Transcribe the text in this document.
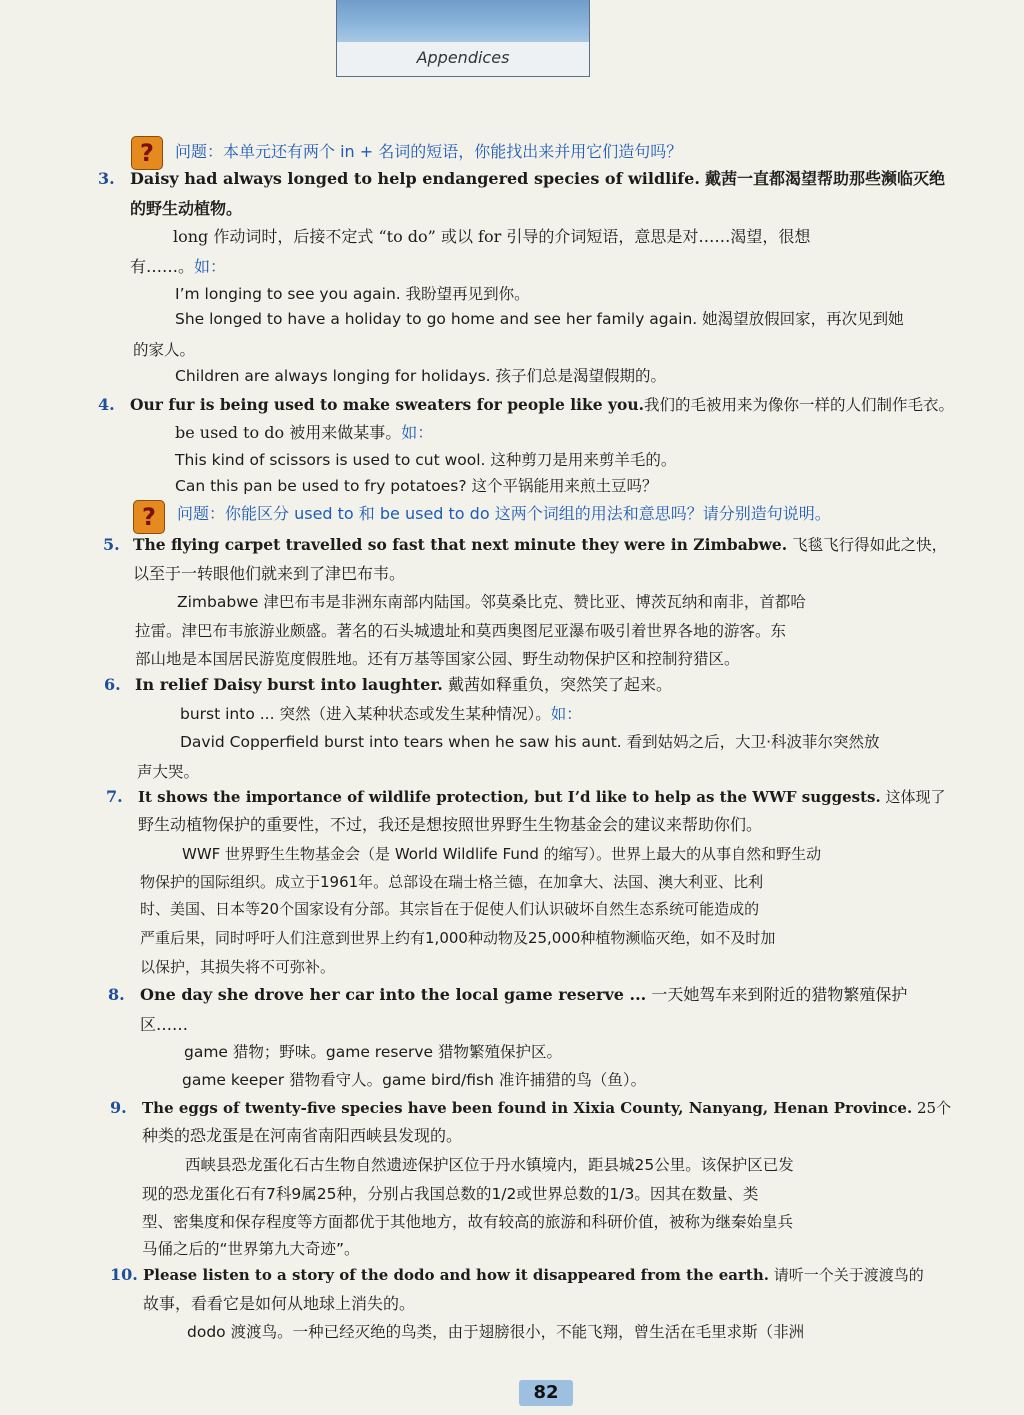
Appendices
?	问题：本单元还有两个 in + 名词的短语，你能找出来并用它们造句吗？
3. Daisy had always longed to help endangered species of wildlife. 戴茜一直都渴望帮助那些濒临灭绝
的野生动植物。
long 作动词时，后接不定式 “to do” 或以 for 引导的介词短语，意思是对……渴望，很想
有……。如：
I’m longing to see you again. 我盼望再见到你。
She longed to have a holiday to go home and see her family again. 她渴望放假回家，再次见到她
的家人。
Children are always longing for holidays. 孩子们总是渴望假期的。
4. Our fur is being used to make sweaters for people like you.我们的毛被用来为像你一样的人们制作毛衣。
be used to do 被用来做某事。如：
This kind of scissors is used to cut wool. 这种剪刀是用来剪羊毛的。
Can this pan be used to fry potatoes? 这个平锅能用来煎土豆吗？
?	问题：你能区分 used to 和 be used to do 这两个词组的用法和意思吗？请分别造句说明。
5. The flying carpet travelled so fast that next minute they were in Zimbabwe. 飞毯飞行得如此之快，
以至于一转眼他们就来到了津巴布韦。
Zimbabwe 津巴布韦是非洲东南部内陆国。邻莫桑比克、赞比亚、博茨瓦纳和南非，首都哈
拉雷。津巴布韦旅游业颇盛。著名的石头城遗址和莫西奥图尼亚瀑布吸引着世界各地的游客。东
部山地是本国居民游览度假胜地。还有万基等国家公园、野生动物保护区和控制狩猎区。
6. In relief Daisy burst into laughter. 戴茜如释重负，突然笑了起来。
burst into ... 突然（进入某种状态或发生某种情况）。如：
David Copperfield burst into tears when he saw his aunt. 看到姑妈之后，大卫·科波菲尔突然放
声大哭。
7. It shows the importance of wildlife protection, but I’d like to help as the WWF suggests. 这体现了
野生动植物保护的重要性，不过，我还是想按照世界野生生物基金会的建议来帮助你们。
WWF 世界野生生物基金会（是 World Wildlife Fund 的缩写）。世界上最大的从事自然和野生动
物保护的国际组织。成立于1961年。总部设在瑞士格兰德，在加拿大、法国、澳大利亚、比利
时、美国、日本等20个国家设有分部。其宗旨在于促使人们认识破坏自然生态系统可能造成的
严重后果，同时呼吁人们注意到世界上约有1,000种动物及25,000种植物濒临灭绝，如不及时加
以保护，其损失将不可弥补。
8. One day she drove her car into the local game reserve ... 一天她驾车来到附近的猎物繁殖保护
区……
game 猎物；野味。game reserve 猎物繁殖保护区。
game keeper 猎物看守人。game bird/fish 准许捕猎的鸟（鱼）。
9. The eggs of twenty-five species have been found in Xixia County, Nanyang, Henan Province. 25个
种类的恐龙蛋是在河南省南阳西峡县发现的。
西峡县恐龙蛋化石古生物自然遗迹保护区位于丹水镇境内，距县城25公里。该保护区已发
现的恐龙蛋化石有7科9属25种，分别占我国总数的1/2或世界总数的1/3。因其在数量、类
型、密集度和保存程度等方面都优于其他地方，故有较高的旅游和科研价值，被称为继秦始皇兵
马俑之后的“世界第九大奇迹”。
10. Please listen to a story of the dodo and how it disappeared from the earth. 请听一个关于渡渡鸟的
故事，看看它是如何从地球上消失的。
dodo 渡渡鸟。一种已经灭绝的鸟类，由于翅膀很小，不能飞翔，曾生活在毛里求斯（非洲
82
